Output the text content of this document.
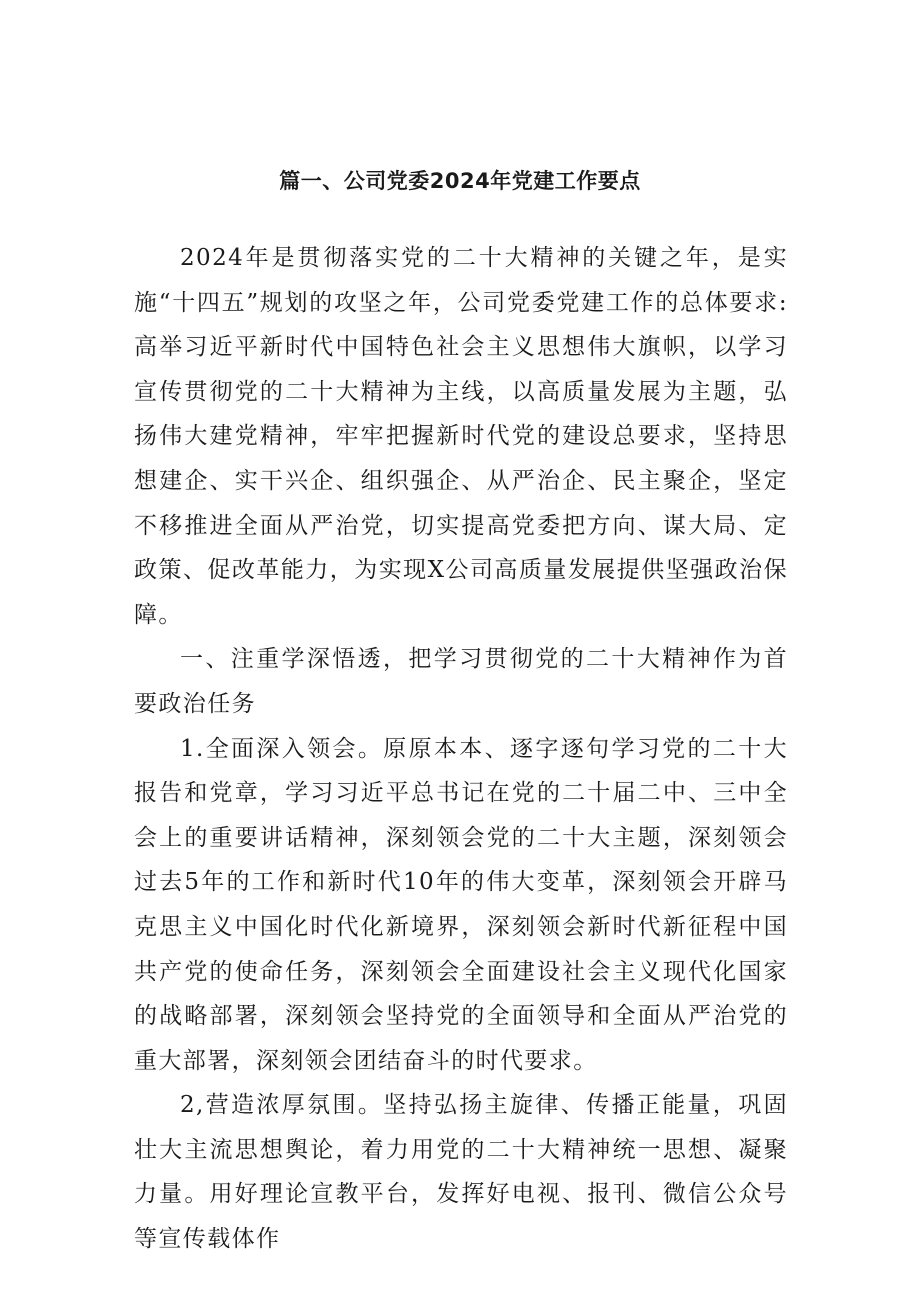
篇一、公司党委2024年党建工作要点

2024年是贯彻落实党的二十大精神的关键之年，是实施“十四五”规划的攻坚之年，公司党委党建工作的总体要求:高举习近平新时代中国特色社会主义思想伟大旗帜，以学习宣传贯彻党的二十大精神为主线，以高质量发展为主题，弘扬伟大建党精神，牢牢把握新时代党的建设总要求，坚持思想建企、实干兴企、组织强企、从严治企、民主聚企，坚定不移推进全面从严治党，切实提高党委把方向、谋大局、定政策、促改革能力，为实现X公司高质量发展提供坚强政治保障。

一、注重学深悟透，把学习贯彻党的二十大精神作为首要政治任务

1.全面深入领会。原原本本、逐字逐句学习党的二十大报告和党章，学习习近平总书记在党的二十届二中、三中全会上的重要讲话精神，深刻领会党的二十大主题，深刻领会过去5年的工作和新时代10年的伟大变革，深刻领会开辟马克思主义中国化时代化新境界，深刻领会新时代新征程中国共产党的使命任务，深刻领会全面建设社会主义现代化国家的战略部署，深刻领会坚持党的全面领导和全面从严治党的重大部署，深刻领会团结奋斗的时代要求。

2,营造浓厚氛围。坚持弘扬主旋律、传播正能量，巩固壮大主流思想舆论，着力用党的二十大精神统一思想、凝聚力量。用好理论宣教平台，发挥好电视、报刊、微信公众号等宣传载体作
